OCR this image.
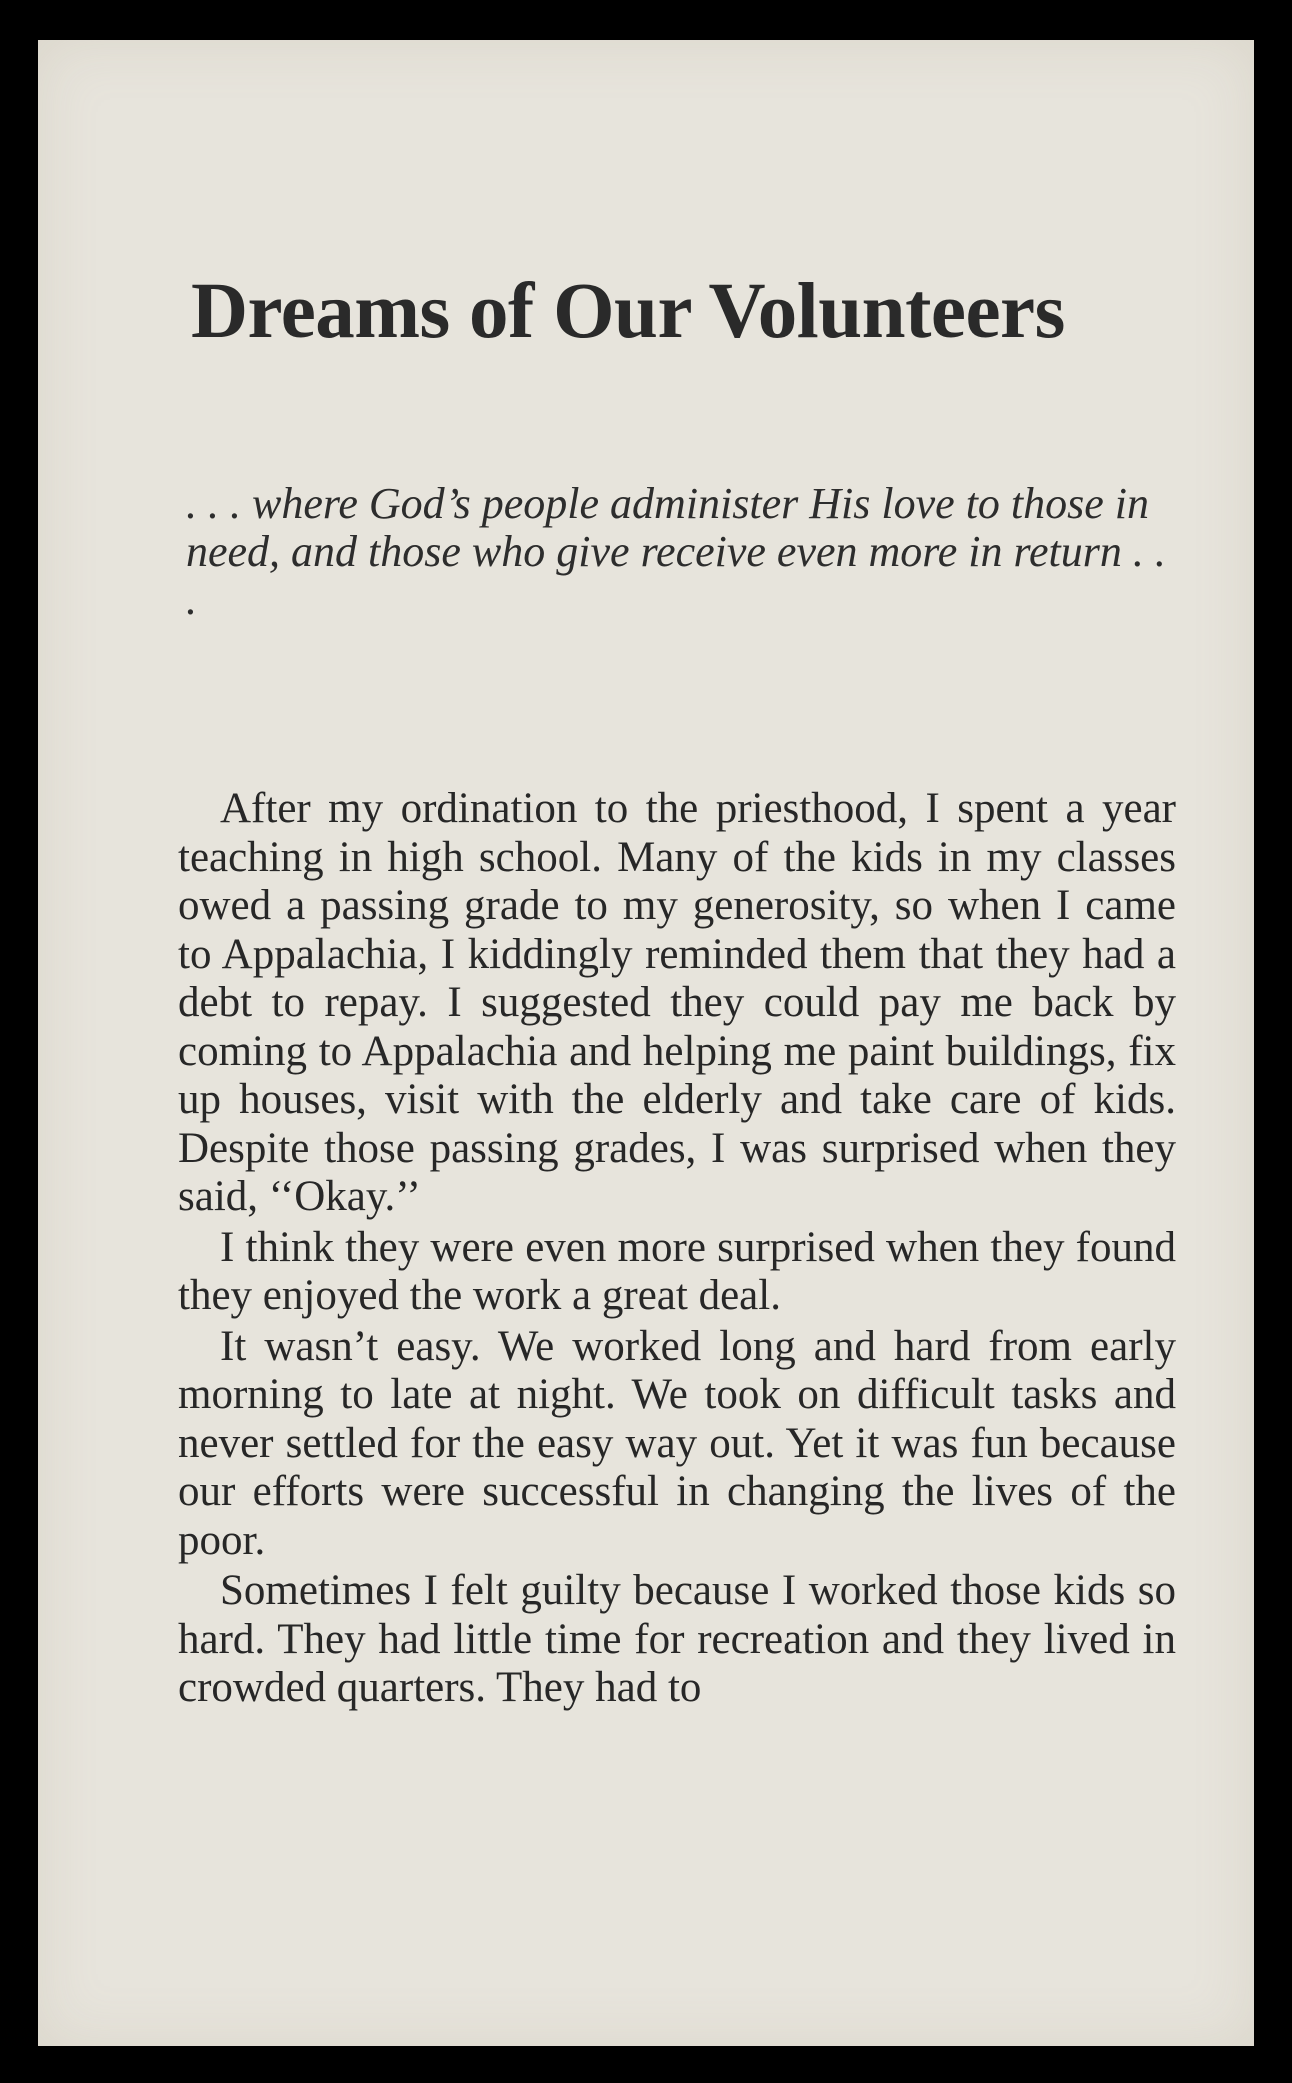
Dreams of Our Volunteers

. . . where God’s people administer His love to those in need, and those who give receive even more in return . . .

After my ordination to the priesthood, I spent a year teaching in high school. Many of the kids in my classes owed a passing grade to my generosity, so when I came to Appalachia, I kiddingly reminded them that they had a debt to repay. I suggested they could pay me back by coming to Appalachia and helping me paint buildings, fix up houses, visit with the elderly and take care of kids. Despite those passing grades, I was surprised when they said, ‘‘Okay.’’

I think they were even more surprised when they found they enjoyed the work a great deal.

It wasn’t easy. We worked long and hard from early morning to late at night. We took on difficult tasks and never settled for the easy way out. Yet it was fun because our efforts were successful in changing the lives of the poor.

Sometimes I felt guilty because I worked those kids so hard. They had little time for recreation and they lived in crowded quarters. They had to
